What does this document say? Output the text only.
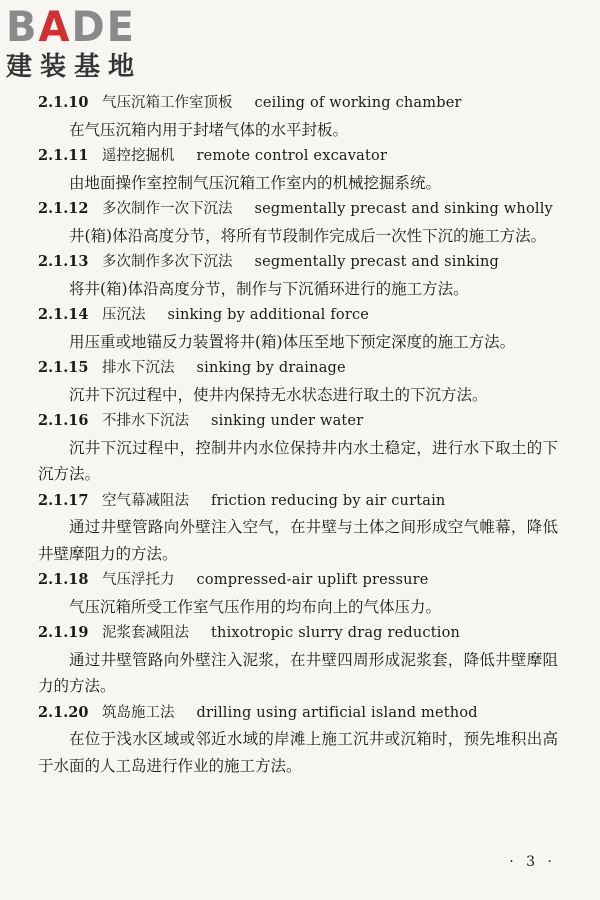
BADE
建装基地
2.1.10 气压沉箱工作室顶板 ceiling of working chamber

在气压沉箱内用于封堵气体的水平封板。

2.1.11 遥控挖掘机 remote control excavator

由地面操作室控制气压沉箱工作室内的机械挖掘系统。

2.1.12 多次制作一次下沉法 segmentally precast and sinking wholly

井(箱)体沿高度分节，将所有节段制作完成后一次性下沉的施工方法。

2.1.13 多次制作多次下沉法 segmentally precast and sinking

将井(箱)体沿高度分节，制作与下沉循环进行的施工方法。

2.1.14 压沉法 sinking by additional force

用压重或地锚反力装置将井(箱)体压至地下预定深度的施工方法。

2.1.15 排水下沉法 sinking by drainage

沉井下沉过程中，使井内保持无水状态进行取土的下沉方法。

2.1.16 不排水下沉法 sinking under water

沉井下沉过程中，控制井内水位保持井内水土稳定，进行水下取土的下沉方法。

2.1.17 空气幕减阻法 friction reducing by air curtain

通过井壁管路向外壁注入空气，在井壁与土体之间形成空气帷幕，降低井壁摩阻力的方法。

2.1.18 气压浮托力 compressed-air uplift pressure

气压沉箱所受工作室气压作用的均布向上的气体压力。

2.1.19 泥浆套减阻法 thixotropic slurry drag reduction

通过井壁管路向外壁注入泥浆，在井壁四周形成泥浆套，降低井壁摩阻力的方法。

2.1.20 筑岛施工法 drilling using artificial island method

在位于浅水区域或邻近水域的岸滩上施工沉井或沉箱时，预先堆积出高于水面的人工岛进行作业的施工方法。

· 3 ·
